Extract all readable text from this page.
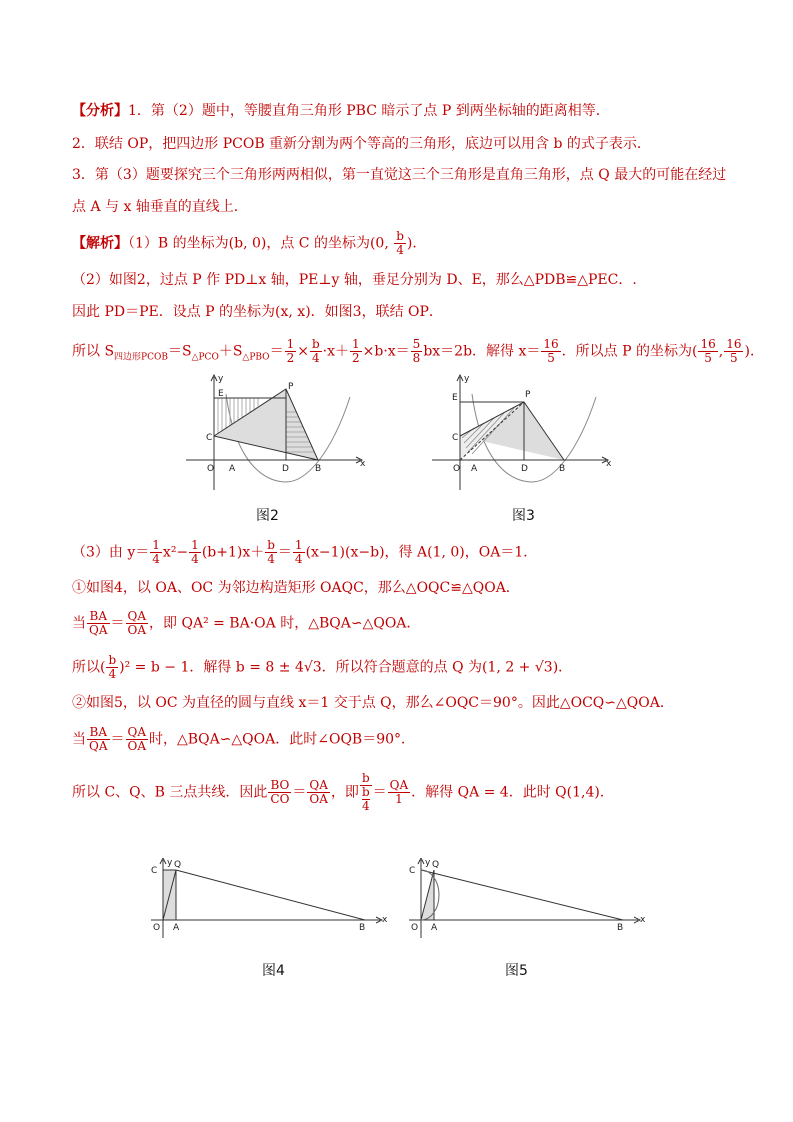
【分析】1．第（2）题中，等腰直角三角形 PBC 暗示了点 P 到两坐标轴的距离相等．
2．联结 OP，把四边形 PCOB 重新分割为两个等高的三角形，底边可以用含 b 的式子表示．
3．第（3）题要探究三个三角形两两相似，第一直觉这三个三角形是直角三角形，点 Q 最大的可能在经过
点 A 与 x 轴垂直的直线上．
【解析】（1）B 的坐标为(b, 0)，点 C 的坐标为(0, $\frac{b}{4}$ )．
（2）如图2，过点 P 作 PD⊥x 轴，PE⊥y 轴，垂足分别为 D、E，那么△PDB≌△PEC．.
因此 PD＝PE．设点 P 的坐标为(x, x)．如图3，联结 OP．
所以 $S_{四边形PCOB}=S_{\triangle PCO}+S_{\triangle PBO}= \frac{1}{2} \times \frac{b}{4} \cdot x+ \frac{1}{2} \times b\cdot x= \frac{5}{8} bx=2b$．解得 $x= \frac{16}{5}$ ．所以点 P 的坐标为( $\frac{16}{5}$ , $\frac{16}{5}$ )．
y
x
E
P
C
O A	D	B
图2
y
x
E	P
C
O A	D	B
图3
（3）由 $y= \frac{1}{4} x^2- \frac{1}{4} (b+1)x+ \frac{b}{4} = \frac{1}{4} (x-1)(x-b)$，得 A(1, 0)，OA＝1．
①如图4，以 OA、OC 为邻边构造矩形 OAQC，那么△OQC≌△QOA．
当 $\frac{BA}{QA} = \frac{QA}{OA}$ ，即 QA² = BA·OA 时，△BQA∽△QOA．
所以( $\frac{b}{4} )^2 = b - 1$．解得 b = 8 ± 4√3．所以符合题意的点 Q 为(1, 2 + √3)．
②如图5，以 OC 为直径的圆与直线 x＝1 交于点 Q，那么∠OQC＝90°。因此△OCQ∽△QOA．
当 $\frac{BA}{QA} = \frac{QA}{OA}$ 时，△BQA∽△QOA．此时∠OQB＝90°．
所以 C、Q、B 三点共线．因此 $\frac{BO}{CO} = \frac{QA}{OA}$ ，即 $\frac{b}{\frac{b}{4}} = \frac{QA}{1}$ ．解得 QA = 4．此时 Q(1,4)．
C
Q
y
x
O A	B
图4
C
Q
y
x
O A	B
图5
